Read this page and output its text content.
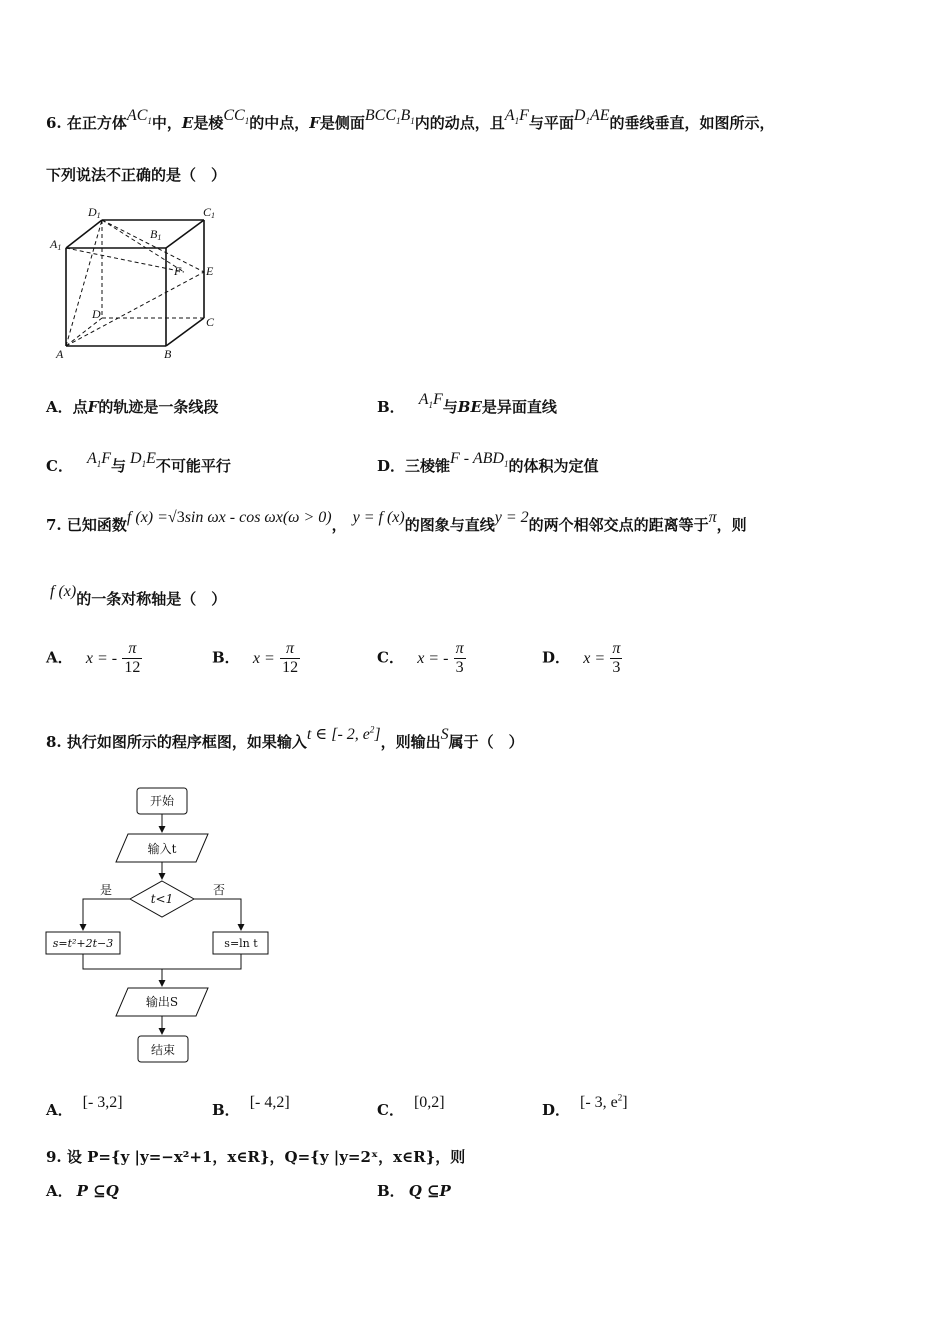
6. 在正方体$AC_1$中，E是棱$CC_1$的中点，F是侧面$BCC_1B_1$内的动点，且$A_1F$与平面$D_1AE$的垂线垂直，如图所示，
下列说法不正确的是（　）
D1	C1
A1
B1
F E
D
C
A	B
A．点F的轨迹是一条线段	B． $A_1F$与BE是异面直线
C． $A_1F$与 $D_1E$不可能平行	D．三棱锥F - $ABD_1$的体积为定值
7. 已知函数f (x) =√3sin ωx - cos ωx(ω > 0)， y = f (x)的图象与直线y = 2的两个相邻交点的距离等于π，则
f (x)的一条对称轴是（　）
A． x = - $\frac{\pi}{12}$	B． $x = \frac{\pi}{12}$	C． x = - $\frac{\pi}{3}$	D． $x = \frac{\pi}{3}$
8. 执行如图所示的程序框图，如果输入t ∈ [- 2, $e^2$]，则输出S属于（　）
开始
输入t
t<1
是	否
s=t²+2t−3	s=ln t
输出S
结束
A． [- 3,2]	B． [- 4,2]	C． [0,2]	D． [- 3, $e^2$]
9. 设 P={y |y=−x²+1，x∈R}，Q={y |y=2ˣ，x∈R}，则
A． P ⊆Q	B． Q ⊆P
